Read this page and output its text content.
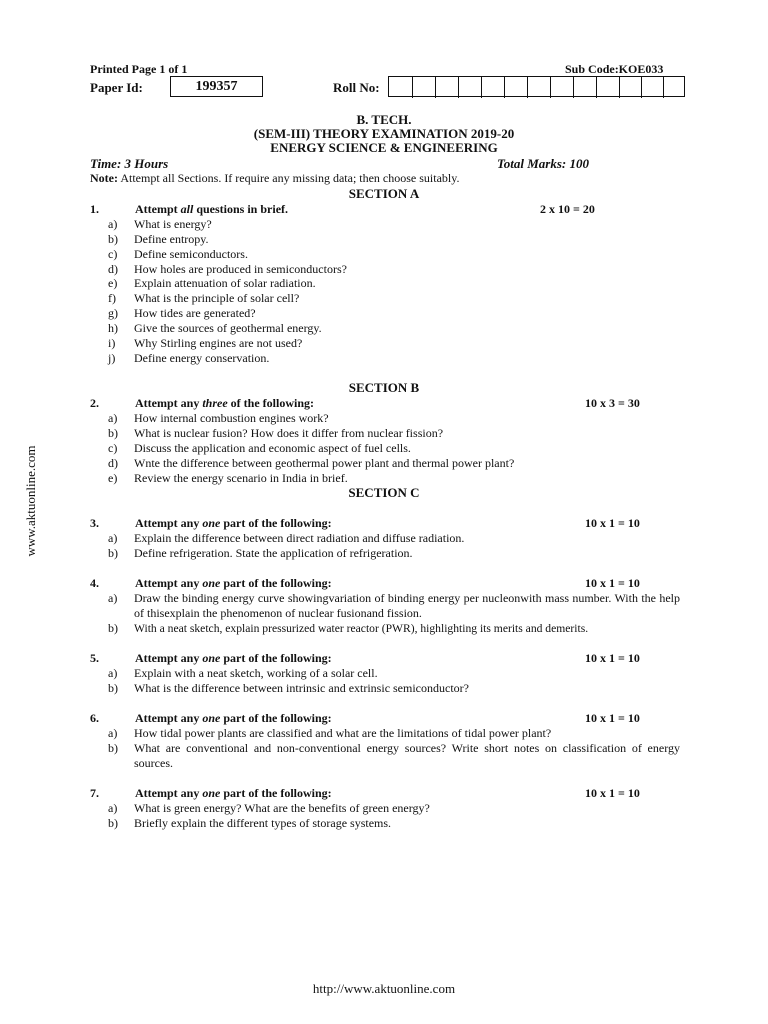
Printed Page 1 of 1	Sub Code:KOE033
Paper Id:	199357	Roll No:
B. TECH.
(SEM-III) THEORY EXAMINATION 2019-20
ENERGY SCIENCE & ENGINEERING
Time: 3 Hours	Total Marks: 100
Note: Attempt all Sections. If require any missing data; then choose suitably.
SECTION A
1.	Attempt all questions in brief.	2 x 10 = 20
a)	What is energy?
b)	Define entropy.
c)	Define semiconductors.
d)	How holes are produced in semiconductors?
e)	Explain attenuation of solar radiation.
f)	What is the principle of solar cell?
g)	How tides are generated?
h)	Give the sources of geothermal energy.
i)	Why Stirling engines are not used?
j)	Define energy conservation.
SECTION B
2.	Attempt any three of the following:	10 x 3 = 30
a)	How internal combustion engines work?
b)	What is nuclear fusion? How does it differ from nuclear fission?
c)	Discuss the application and economic aspect of fuel cells.
d)	Wnte the difference between geothermal power plant and thermal power plant?
e)	Review the energy scenario in India in brief.
SECTION C
3.	Attempt any one part of the following:	10 x 1 = 10
a)	Explain the difference between direct radiation and diffuse radiation.
b)	Define refrigeration. State the application of refrigeration.
4.	Attempt any one part of the following:	10 x 1 = 10
a)	Draw the binding energy curve showingvariation of binding energy per nucleonwith mass number. With the help of thisexplain the phenomenon of nuclear fusionand fission.
b)	With a neat sketch, explain pressurized water reactor (PWR), highlighting its merits and demerits.
5.	Attempt any one part of the following:	10 x 1 = 10
a)	Explain with a neat sketch, working of a solar cell.
b)	What is the difference between intrinsic and extrinsic semiconductor?
6.	Attempt any one part of the following:	10 x 1 = 10
a)	How tidal power plants are classified and what are the limitations of tidal power plant?
b)	What are conventional and non-conventional energy sources? Write short notes on classification of energy sources.
7.	Attempt any one part of the following:	10 x 1 = 10
a)	What is green energy? What are the benefits of green energy?
b)	Briefly explain the different types of storage systems.
www.aktuonline.com
http://www.aktuonline.com
